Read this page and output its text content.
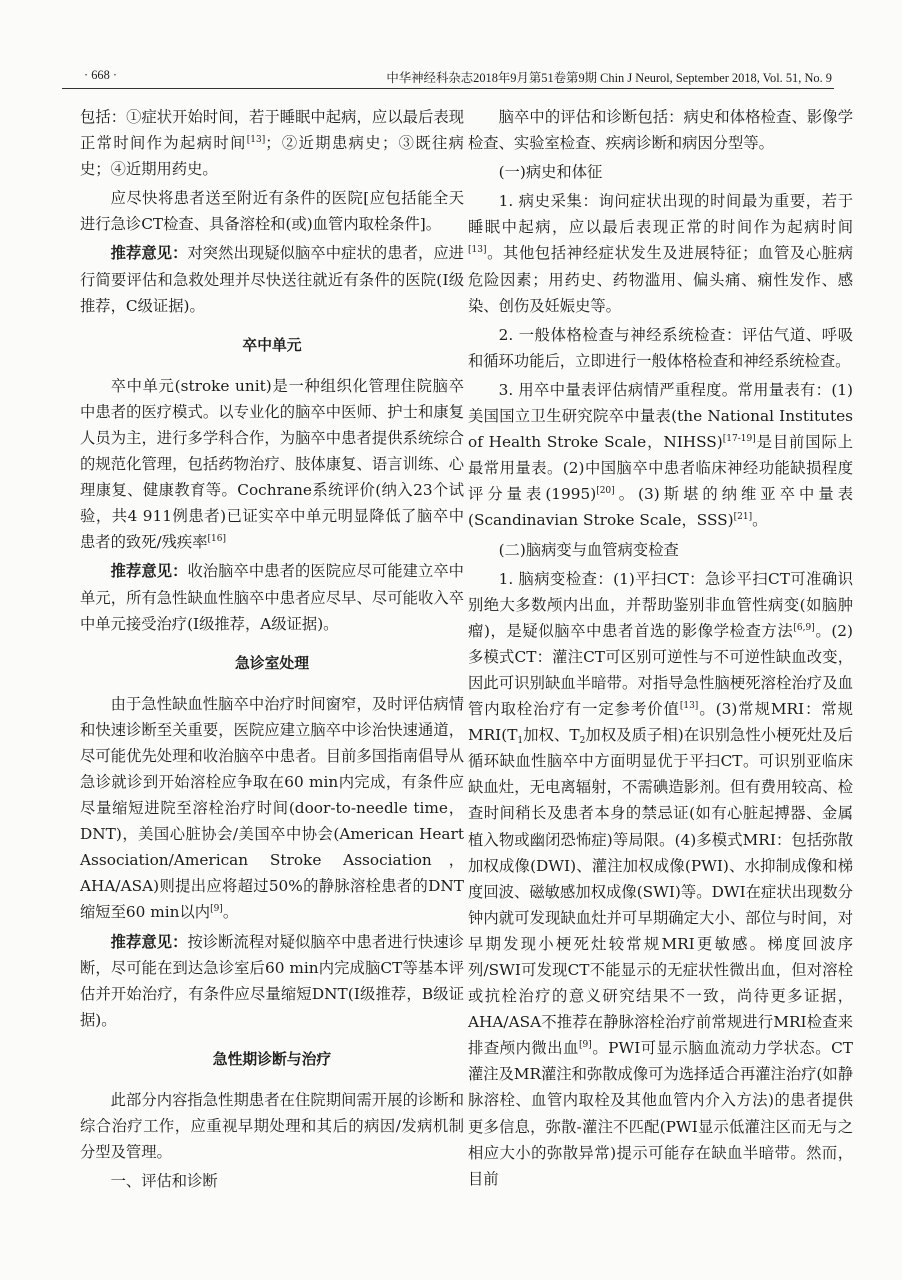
· 668 ·	中华神经科杂志2018年9月第51卷第9期 Chin J Neurol, September 2018, Vol. 51, No. 9

包括：①症状开始时间，若于睡眠中起病，应以最后表现正常时间作为起病时间[13]；②近期患病史；③既往病史；④近期用药史。

应尽快将患者送至附近有条件的医院[应包括能全天进行急诊CT检查、具备溶栓和(或)血管内取栓条件]。

推荐意见：对突然出现疑似脑卒中症状的患者，应进行简要评估和急救处理并尽快送往就近有条件的医院(Ⅰ级推荐，C级证据)。

卒中单元

卒中单元(stroke unit)是一种组织化管理住院脑卒中患者的医疗模式。以专业化的脑卒中医师、护士和康复人员为主，进行多学科合作，为脑卒中患者提供系统综合的规范化管理，包括药物治疗、肢体康复、语言训练、心理康复、健康教育等。Cochrane系统评价(纳入23个试验，共4 911例患者)已证实卒中单元明显降低了脑卒中患者的致死/残疾率[16]

推荐意见：收治脑卒中患者的医院应尽可能建立卒中单元，所有急性缺血性脑卒中患者应尽早、尽可能收入卒中单元接受治疗(Ⅰ级推荐，A级证据)。

急诊室处理

由于急性缺血性脑卒中治疗时间窗窄，及时评估病情和快速诊断至关重要，医院应建立脑卒中诊治快速通道，尽可能优先处理和收治脑卒中患者。目前多国指南倡导从急诊就诊到开始溶栓应争取在60 min内完成，有条件应尽量缩短进院至溶栓治疗时间(door-to-needle time，DNT)，美国心脏协会/美国卒中协会(American Heart Association/American Stroke Association，AHA/ASA)则提出应将超过50%的静脉溶栓患者的DNT缩短至60 min以内[9]。

推荐意见：按诊断流程对疑似脑卒中患者进行快速诊断，尽可能在到达急诊室后60 min内完成脑CT等基本评估并开始治疗，有条件应尽量缩短DNT(Ⅰ级推荐，B级证据)。

急性期诊断与治疗

此部分内容指急性期患者在住院期间需开展的诊断和综合治疗工作，应重视早期处理和其后的病因/发病机制分型及管理。

一、评估和诊断

脑卒中的评估和诊断包括：病史和体格检查、影像学检查、实验室检查、疾病诊断和病因分型等。

(一)病史和体征

1. 病史采集：询问症状出现的时间最为重要，若于睡眠中起病，应以最后表现正常的时间作为起病时间[13]。其他包括神经症状发生及进展特征；血管及心脏病危险因素；用药史、药物滥用、偏头痛、痫性发作、感染、创伤及妊娠史等。

2. 一般体格检查与神经系统检查：评估气道、呼吸和循环功能后，立即进行一般体格检查和神经系统检查。

3. 用卒中量表评估病情严重程度。常用量表有：(1)美国国立卫生研究院卒中量表(the National Institutes of Health Stroke Scale，NIHSS)[17-19]是目前国际上最常用量表。(2)中国脑卒中患者临床神经功能缺损程度评分量表(1995)[20]。(3)斯堪的纳维亚卒中量表(Scandinavian Stroke Scale，SSS)[21]。

(二)脑病变与血管病变检查

1. 脑病变检查：(1)平扫CT：急诊平扫CT可准确识别绝大多数颅内出血，并帮助鉴别非血管性病变(如脑肿瘤)，是疑似脑卒中患者首选的影像学检查方法[6,9]。(2)多模式CT：灌注CT可区别可逆性与不可逆性缺血改变，因此可识别缺血半暗带。对指导急性脑梗死溶栓治疗及血管内取栓治疗有一定参考价值[13]。(3)常规MRI：常规$MRI(T_1$加权、$T_2$加权及质子相)在识别急性小梗死灶及后循环缺血性脑卒中方面明显优于平扫CT。可识别亚临床缺血灶，无电离辐射，不需碘造影剂。但有费用较高、检查时间稍长及患者本身的禁忌证(如有心脏起搏器、金属植入物或幽闭恐怖症)等局限。(4)多模式MRI：包括弥散加权成像(DWI)、灌注加权成像(PWI)、水抑制成像和梯度回波、磁敏感加权成像(SWI)等。DWI在症状出现数分钟内就可发现缺血灶并可早期确定大小、部位与时间，对早期发现小梗死灶较常规MRI更敏感。梯度回波序列/SWI可发现CT不能显示的无症状性微出血，但对溶栓或抗栓治疗的意义研究结果不一致，尚待更多证据，AHA/ASA不推荐在静脉溶栓治疗前常规进行MRI检查来排查颅内微出血[9]。PWI可显示脑血流动力学状态。CT灌注及MR灌注和弥散成像可为选择适合再灌注治疗(如静脉溶栓、血管内取栓及其他血管内介入方法)的患者提供更多信息，弥散-灌注不匹配(PWI显示低灌注区而无与之相应大小的弥散异常)提示可能存在缺血半暗带。然而，目前
